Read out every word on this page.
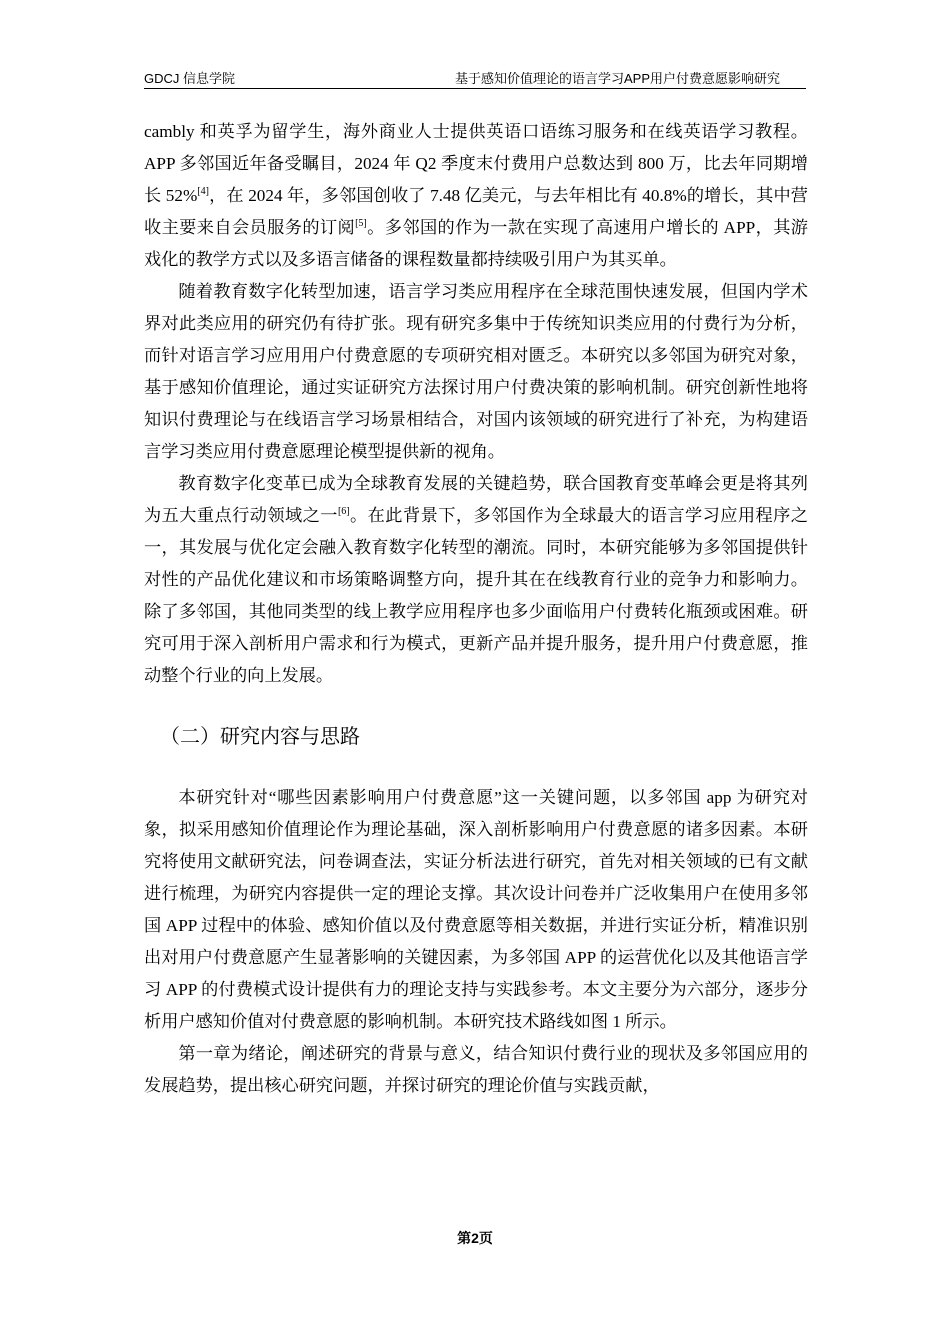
GDCJ 信息学院	基于感知价值理论的语言学习APP用户付费意愿影响研究

cambly 和英孚为留学生，海外商业人士提供英语口语练习服务和在线英语学习教程。APP 多邻国近年备受瞩目，2024 年 Q2 季度末付费用户总数达到 800 万，比去年同期增长 52%[4]，在 2024 年，多邻国创收了 7.48 亿美元，与去年相比有 40.8%的增长，其中营收主要来自会员服务的订阅[5]。多邻国的作为一款在实现了高速用户增长的 APP，其游戏化的教学方式以及多语言储备的课程数量都持续吸引用户为其买单。

随着教育数字化转型加速，语言学习类应用程序在全球范围快速发展，但国内学术界对此类应用的研究仍有待扩张。现有研究多集中于传统知识类应用的付费行为分析，而针对语言学习应用用户付费意愿的专项研究相对匮乏。本研究以多邻国为研究对象，基于感知价值理论，通过实证研究方法探讨用户付费决策的影响机制。研究创新性地将知识付费理论与在线语言学习场景相结合，对国内该领域的研究进行了补充，为构建语言学习类应用付费意愿理论模型提供新的视角。

教育数字化变革已成为全球教育发展的关键趋势，联合国教育变革峰会更是将其列为五大重点行动领域之一[6]。在此背景下，多邻国作为全球最大的语言学习应用程序之一，其发展与优化定会融入教育数字化转型的潮流。同时，本研究能够为多邻国提供针对性的产品优化建议和市场策略调整方向，提升其在在线教育行业的竞争力和影响力。除了多邻国，其他同类型的线上教学应用程序也多少面临用户付费转化瓶颈或困难。研究可用于深入剖析用户需求和行为模式，更新产品并提升服务，提升用户付费意愿，推动整个行业的向上发展。

（二）研究内容与思路

本研究针对“哪些因素影响用户付费意愿”这一关键问题，以多邻国 app 为研究对象，拟采用感知价值理论作为理论基础，深入剖析影响用户付费意愿的诸多因素。本研究将使用文献研究法，问卷调查法，实证分析法进行研究，首先对相关领域的已有文献进行梳理，为研究内容提供一定的理论支撑。其次设计问卷并广泛收集用户在使用多邻国 APP 过程中的体验、感知价值以及付费意愿等相关数据，并进行实证分析，精准识别出对用户付费意愿产生显著影响的关键因素，为多邻国 APP 的运营优化以及其他语言学习 APP 的付费模式设计提供有力的理论支持与实践参考。本文主要分为六部分，逐步分析用户感知价值对付费意愿的影响机制。本研究技术路线如图 1 所示。

第一章为绪论，阐述研究的背景与意义，结合知识付费行业的现状及多邻国应用的发展趋势，提出核心研究问题，并探讨研究的理论价值与实践贡献，

第2页
